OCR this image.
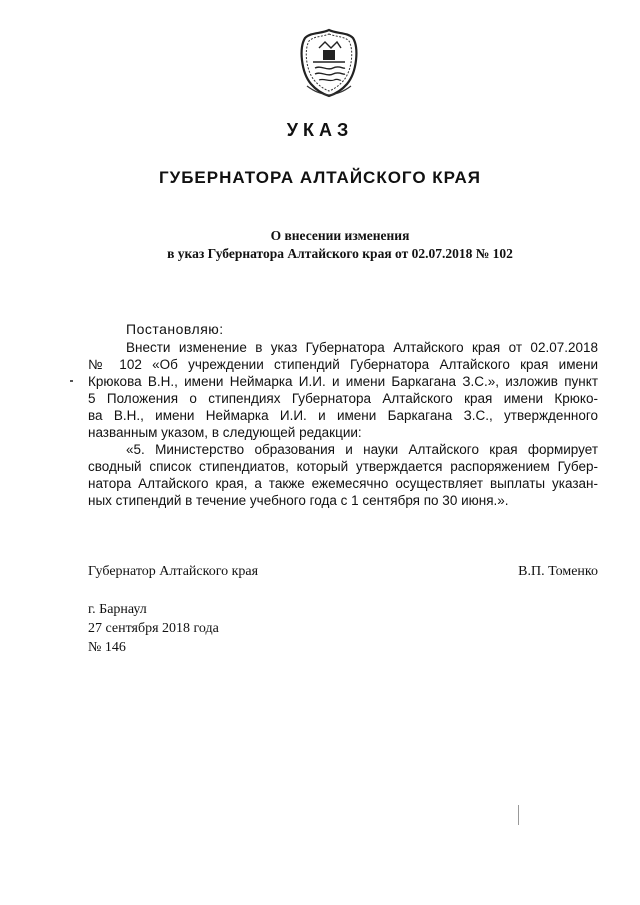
УКАЗ
ГУБЕРНАТОРА АЛТАЙСКОГО КРАЯ
О внесении изменения
в указ Губернатора Алтайского края от 02.07.2018 № 102
Постановляю:
Внести изменение в указ Губернатора Алтайского края от 02.07.2018
№ 102 «Об учреждении стипендий Губернатора Алтайского края имени
Крюкова В.Н., имени Неймарка И.И. и имени Баркагана З.С.», изложив пункт
5 Положения о стипендиях Губернатора Алтайского края имени Крюко-
ва В.Н., имени Неймарка И.И. и имени Баркагана З.С., утвержденного
названным указом, в следующей редакции:
«5. Министерство образования и науки Алтайского края формирует
сводный список стипендиатов, который утверждается распоряжением Губер-
натора Алтайского края, а также ежемесячно осуществляет выплаты указан-
ных стипендий в течение учебного года с 1 сентября по 30 июня.».
Губернатор Алтайского края	В.П. Томенко
г. Барнаул
27 сентября 2018 года
№ 146
